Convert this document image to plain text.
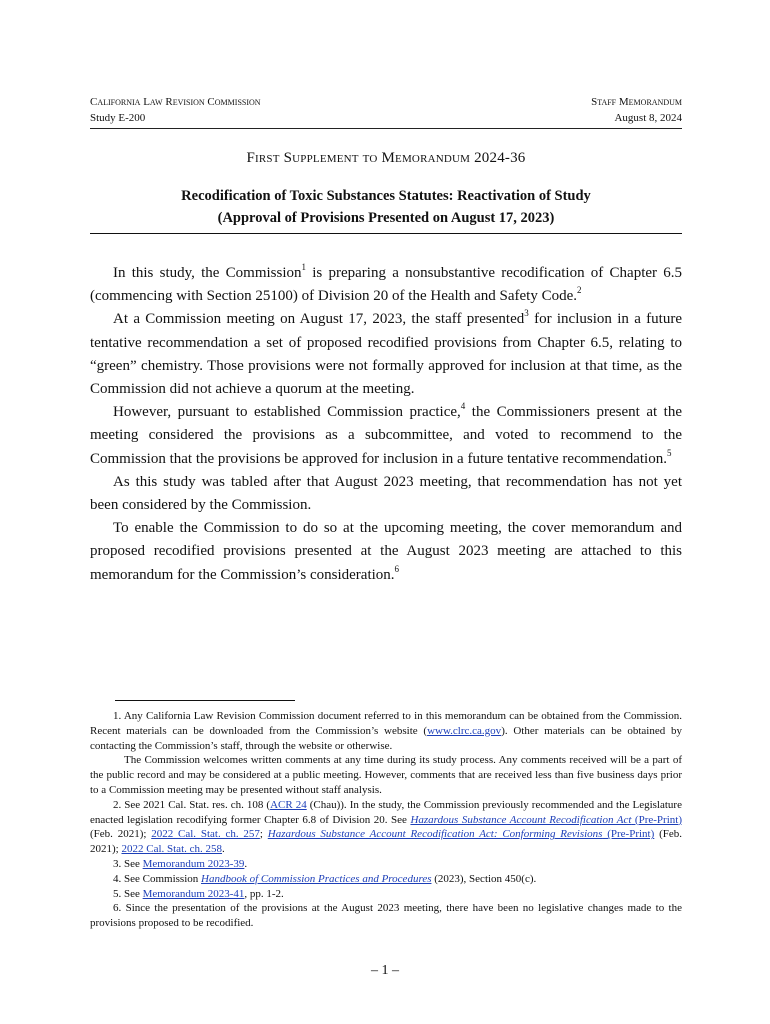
California Law Revision Commission	Staff Memorandum
Study E-200	August 8, 2024
First Supplement to Memorandum 2024-36
Recodification of Toxic Substances Statutes: Reactivation of Study
(Approval of Provisions Presented on August 17, 2023)

In this study, the Commission$^1$ is preparing a nonsubstantive recodification of Chapter 6.5 (commencing with Section 25100) of Division 20 of the Health and Safety Code.$^2$

At a Commission meeting on August 17, 2023, the staff presented$^3$ for inclusion in a future tentative recommendation a set of proposed recodified provisions from Chapter 6.5, relating to “green” chemistry. Those provisions were not formally approved for inclusion at that time, as the Commission did not achieve a quorum at the meeting.

However, pursuant to established Commission practice,$^4$ the Commissioners present at the meeting considered the provisions as a subcommittee, and voted to recommend to the Commission that the provisions be approved for inclusion in a future tentative recommendation.$^5$

As this study was tabled after that August 2023 meeting, that recommendation has not yet been considered by the Commission.

To enable the Commission to do so at the upcoming meeting, the cover memorandum and proposed recodified provisions presented at the August 2023 meeting are attached to this memorandum for the Commission’s consideration.$^6$

1. Any California Law Revision Commission document referred to in this memorandum can be obtained from the Commission. Recent materials can be downloaded from the Commission’s website (www.clrc.ca.gov). Other materials can be obtained by contacting the Commission’s staff, through the website or otherwise.

The Commission welcomes written comments at any time during its study process. Any comments received will be a part of the public record and may be considered at a public meeting. However, comments that are received less than five business days prior to a Commission meeting may be presented without staff analysis.

2. See 2021 Cal. Stat. res. ch. 108 (ACR 24 (Chau)). In the study, the Commission previously recommended and the Legislature enacted legislation recodifying former Chapter 6.8 of Division 20. See Hazardous Substance Account Recodification Act (Pre-Print) (Feb. 2021); 2022 Cal. Stat. ch. 257; Hazardous Substance Account Recodification Act: Conforming Revisions (Pre-Print) (Feb. 2021); 2022 Cal. Stat. ch. 258.

3. See Memorandum 2023-39.

4. See Commission Handbook of Commission Practices and Procedures (2023), Section 450(c).

5. See Memorandum 2023-41, pp. 1-2.

6. Since the presentation of the provisions at the August 2023 meeting, there have been no legislative changes made to the provisions proposed to be recodified.

– 1 –
